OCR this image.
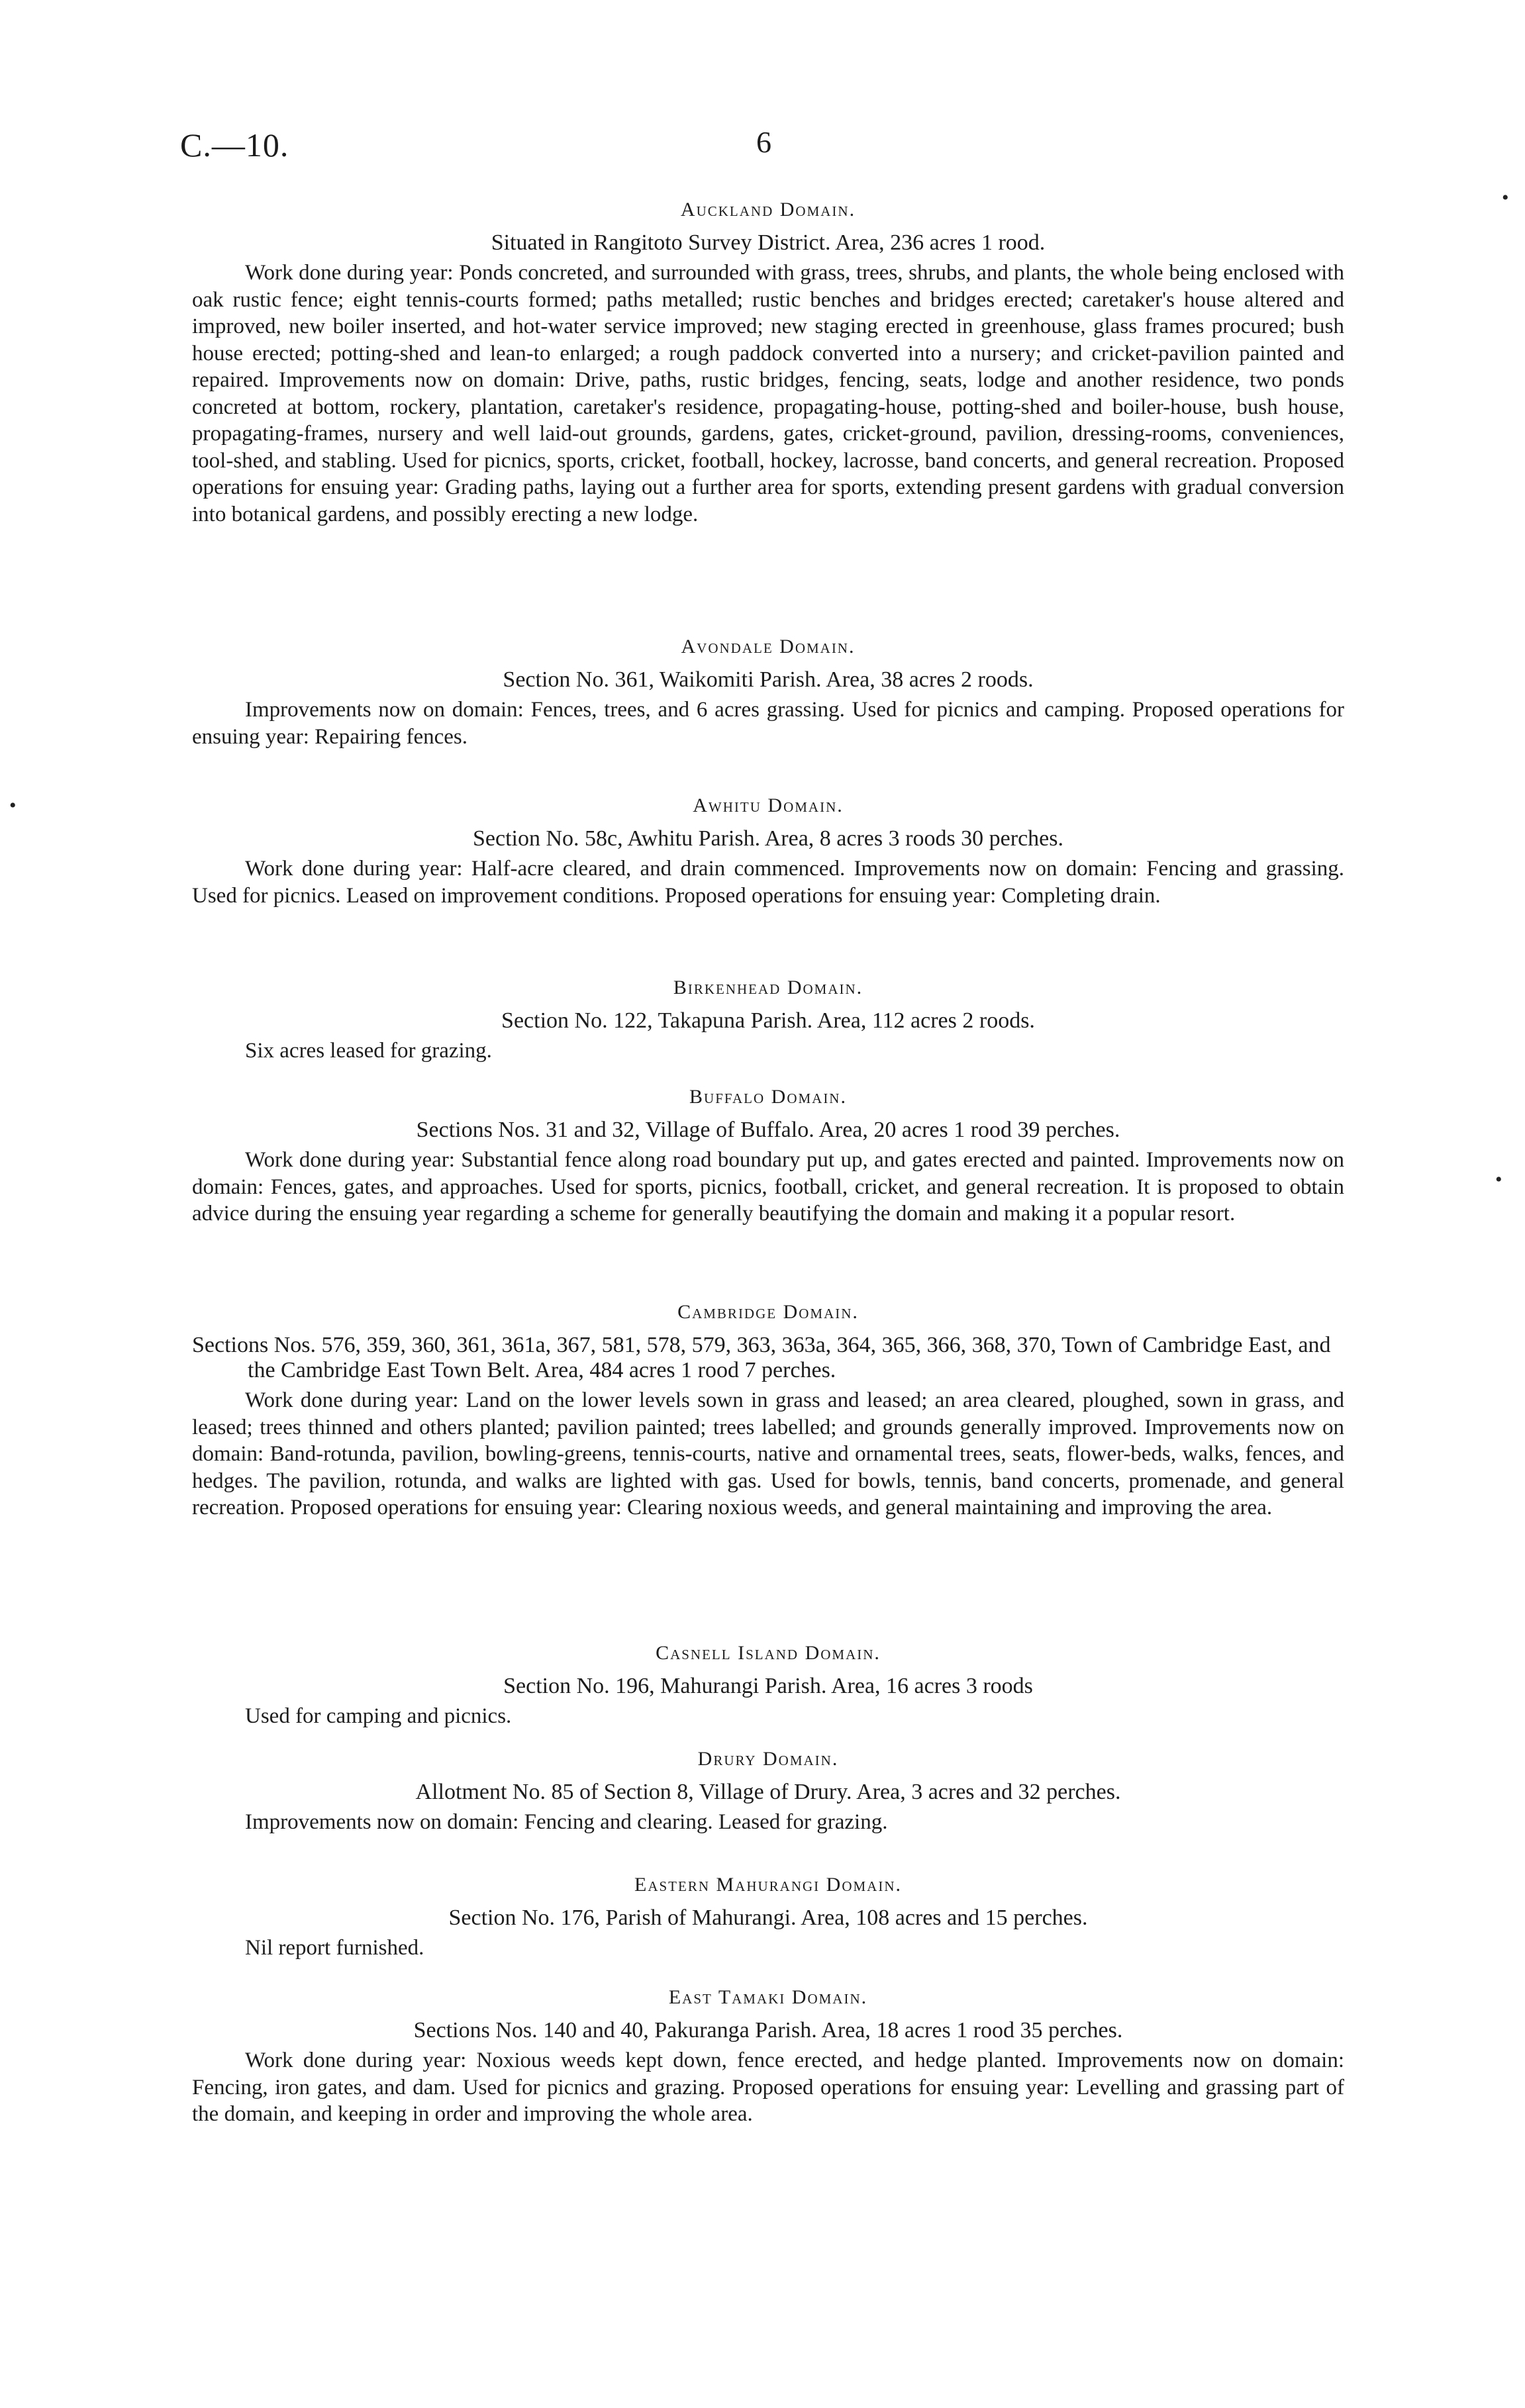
C.—10.	6
Auckland Domain.
Situated in Rangitoto Survey District. Area, 236 acres 1 rood.

Work done during year: Ponds concreted, and surrounded with grass, trees, shrubs, and plants, the whole being enclosed with oak rustic fence; eight tennis-courts formed; paths metalled; rustic benches and bridges erected; caretaker's house altered and improved, new boiler inserted, and hot-water service improved; new staging erected in greenhouse, glass frames procured; bush house erected; potting-shed and lean-to enlarged; a rough paddock converted into a nursery; and cricket-pavilion painted and repaired. Improvements now on domain: Drive, paths, rustic bridges, fencing, seats, lodge and another residence, two ponds concreted at bottom, rockery, plantation, caretaker's residence, propagating-house, potting-shed and boiler-house, bush house, propagating-frames, nursery and well laid-out grounds, gardens, gates, cricket-ground, pavilion, dressing-rooms, conveniences, tool-shed, and stabling. Used for picnics, sports, cricket, football, hockey, lacrosse, band concerts, and general recreation. Proposed operations for ensuing year: Grading paths, laying out a further area for sports, extending present gardens with gradual conversion into botanical gardens, and possibly erecting a new lodge.

Avondale Domain.
Section No. 361, Waikomiti Parish. Area, 38 acres 2 roods.

Improvements now on domain: Fences, trees, and 6 acres grassing. Used for picnics and camping. Proposed operations for ensuing year: Repairing fences.

Awhitu Domain.
Section No. 58c, Awhitu Parish. Area, 8 acres 3 roods 30 perches.

Work done during year: Half-acre cleared, and drain commenced. Improvements now on domain: Fencing and grassing. Used for picnics. Leased on improvement conditions. Proposed operations for ensuing year: Completing drain.

Birkenhead Domain.
Section No. 122, Takapuna Parish. Area, 112 acres 2 roods.

Six acres leased for grazing.

Buffalo Domain.
Sections Nos. 31 and 32, Village of Buffalo. Area, 20 acres 1 rood 39 perches.

Work done during year: Substantial fence along road boundary put up, and gates erected and painted. Improvements now on domain: Fences, gates, and approaches. Used for sports, picnics, football, cricket, and general recreation. It is proposed to obtain advice during the ensuing year regarding a scheme for generally beautifying the domain and making it a popular resort.

Cambridge Domain.
Sections Nos. 576, 359, 360, 361, 361a, 367, 581, 578, 579, 363, 363a, 364, 365, 366, 368, 370, Town of Cambridge East, and the Cambridge East Town Belt. Area, 484 acres 1 rood 7 perches.

Work done during year: Land on the lower levels sown in grass and leased; an area cleared, ploughed, sown in grass, and leased; trees thinned and others planted; pavilion painted; trees labelled; and grounds generally improved. Improvements now on domain: Band-rotunda, pavilion, bowling-greens, tennis-courts, native and ornamental trees, seats, flower-beds, walks, fences, and hedges. The pavilion, rotunda, and walks are lighted with gas. Used for bowls, tennis, band concerts, promenade, and general recreation. Proposed operations for ensuing year: Clearing noxious weeds, and general maintaining and improving the area.

Casnell Island Domain.
Section No. 196, Mahurangi Parish. Area, 16 acres 3 roods

Used for camping and picnics.

Drury Domain.
Allotment No. 85 of Section 8, Village of Drury. Area, 3 acres and 32 perches.

Improvements now on domain: Fencing and clearing. Leased for grazing.

Eastern Mahurangi Domain.
Section No. 176, Parish of Mahurangi. Area, 108 acres and 15 perches.

Nil report furnished.

East Tamaki Domain.
Sections Nos. 140 and 40, Pakuranga Parish. Area, 18 acres 1 rood 35 perches.

Work done during year: Noxious weeds kept down, fence erected, and hedge planted. Improvements now on domain: Fencing, iron gates, and dam. Used for picnics and grazing. Proposed operations for ensuing year: Levelling and grassing part of the domain, and keeping in order and improving the whole area.

•
•
•
